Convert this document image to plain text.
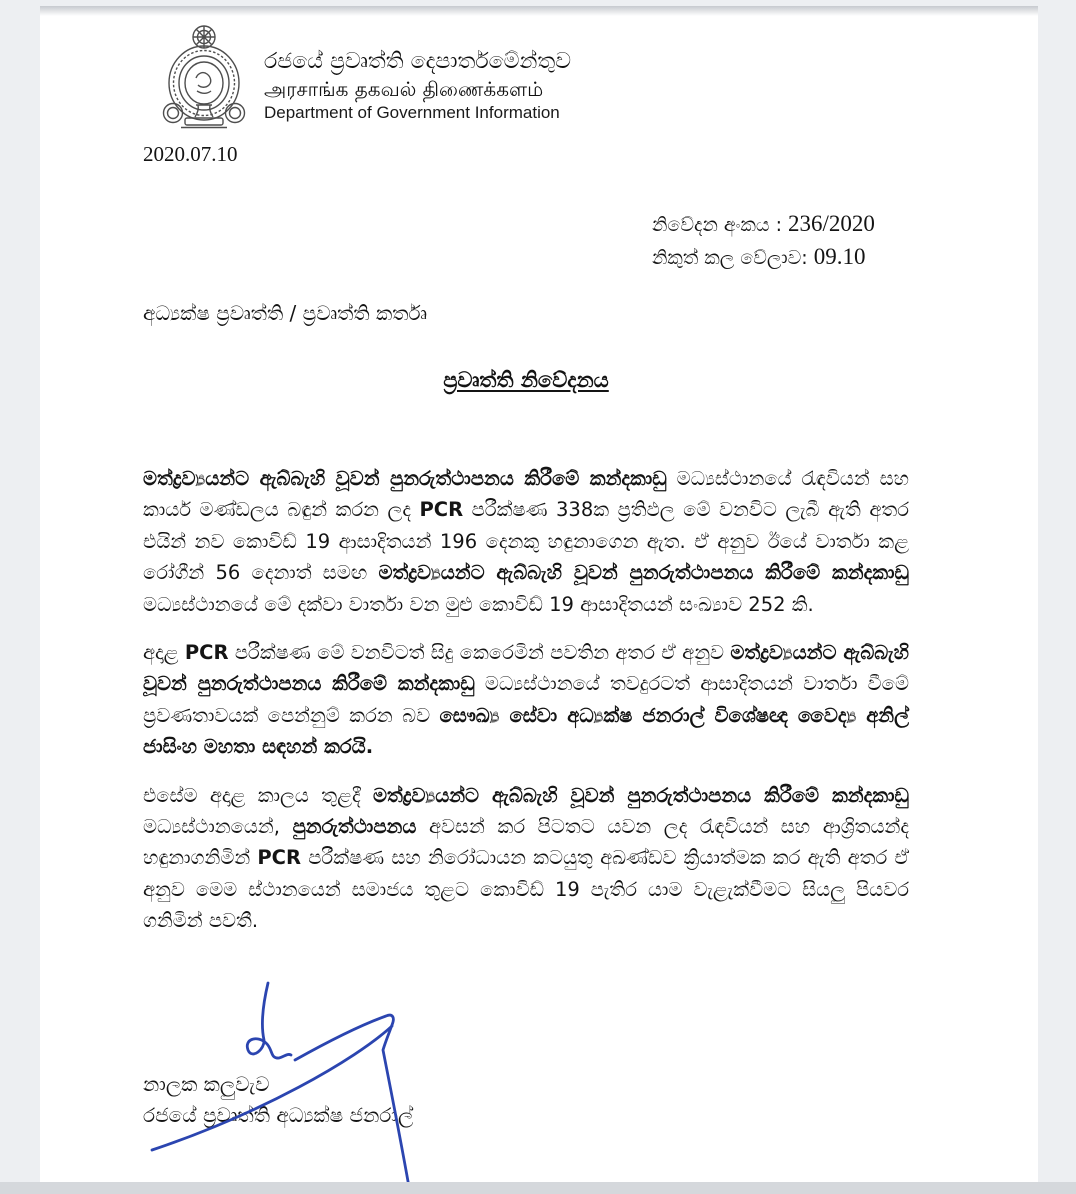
රජයේ ප්‍රවෘත්ති දෙපාර්තමේන්තුව
அரசாங்க தகவல் திணைக்களம்
Department of Government Information
2020.07.10
නිවේදන අංකය : 236/2020
නිකුත් කල වේලාව: 09.10
අධ්‍යක්ෂ ප්‍රවෘත්ති / ප්‍රවෘත්ති කර්තෘ
ප්‍රවෘත්ති නිවේදනය

මත්ද්‍රව්‍යයන්ට ඇබ්බැහි වූවන් පුනරුත්ථාපනය කිරීමේ කන්දකාඩු මධ්‍යස්ථානයේ රැඳවියන් සහ කාර්ය මණ්ඩලය බඳුන් කරන ලද PCR පරීක්ෂණ 338ක ප්‍රතිඵල මේ වනවිට ලැබී ඇති අතර එයින් නව කොවිඩ් 19 ආසාදිතයන් 196 දෙනකු හඳුනාගෙන ඇත. ඒ අනුව ඊයේ වාර්තා කළ රෝගීන් 56 දෙනාත් සමඟ මත්ද්‍රව්‍යයන්ට ඇබ්බැහි වූවන් පුනරුත්ථාපනය කිරීමේ කන්දකාඩු මධ්‍යස්ථානයේ මේ දක්වා වාර්තා වන මුළු කොවිඩ් 19 ආසාදිතයන් සංඛ්‍යාව 252 කි.

අදාළ PCR පරීක්ෂණ මේ වනවිටත් සිදු කෙරෙමින් පවතින අතර ඒ අනුව මත්ද්‍රව්‍යයන්ට ඇබ්බැහි වූවන් පුනරුත්ථාපනය කිරීමේ කන්දකාඩු මධ්‍යස්ථානයේ තවදුරටත් ආසාදිතයන් වාර්තා වීමේ ප්‍රවණතාවයක් පෙන්නුම් කරන බව සෞඛ්‍ය සේවා අධ්‍යක්ෂ ජනරාල් විශේෂඥ වෛද්‍ය අනිල් ජාසිංහ මහතා සඳහන් කරයි.

එසේම අදාළ කාලය තුළදී මත්ද්‍රව්‍යයන්ට ඇබ්බැහි වූවන් පුනරුත්ථාපනය කිරීමේ කන්දකාඩු මධ්‍යස්ථානයෙන්, පුනරුත්ථාපනය අවසන් කර පිටතට යවන ලද රැඳවියන් සහ ආශ්‍රිතයන්ද හඳුනාගනිමින් PCR පරීක්ෂණ සහ නිරෝධායන කටයුතු අඛණ්ඩව ක්‍රියාත්මක කර ඇති අතර ඒ අනුව මෙම ස්ථානයෙන් සමාජය තුළට කොවිඩ් 19 පැතිර යාම වැළැක්වීමට සියලු පියවර ගනිමින් පවතී.

නාලක කලුවැව
රජයේ ප්‍රවෘත්ති අධ්‍යක්ෂ ජනරාල්
